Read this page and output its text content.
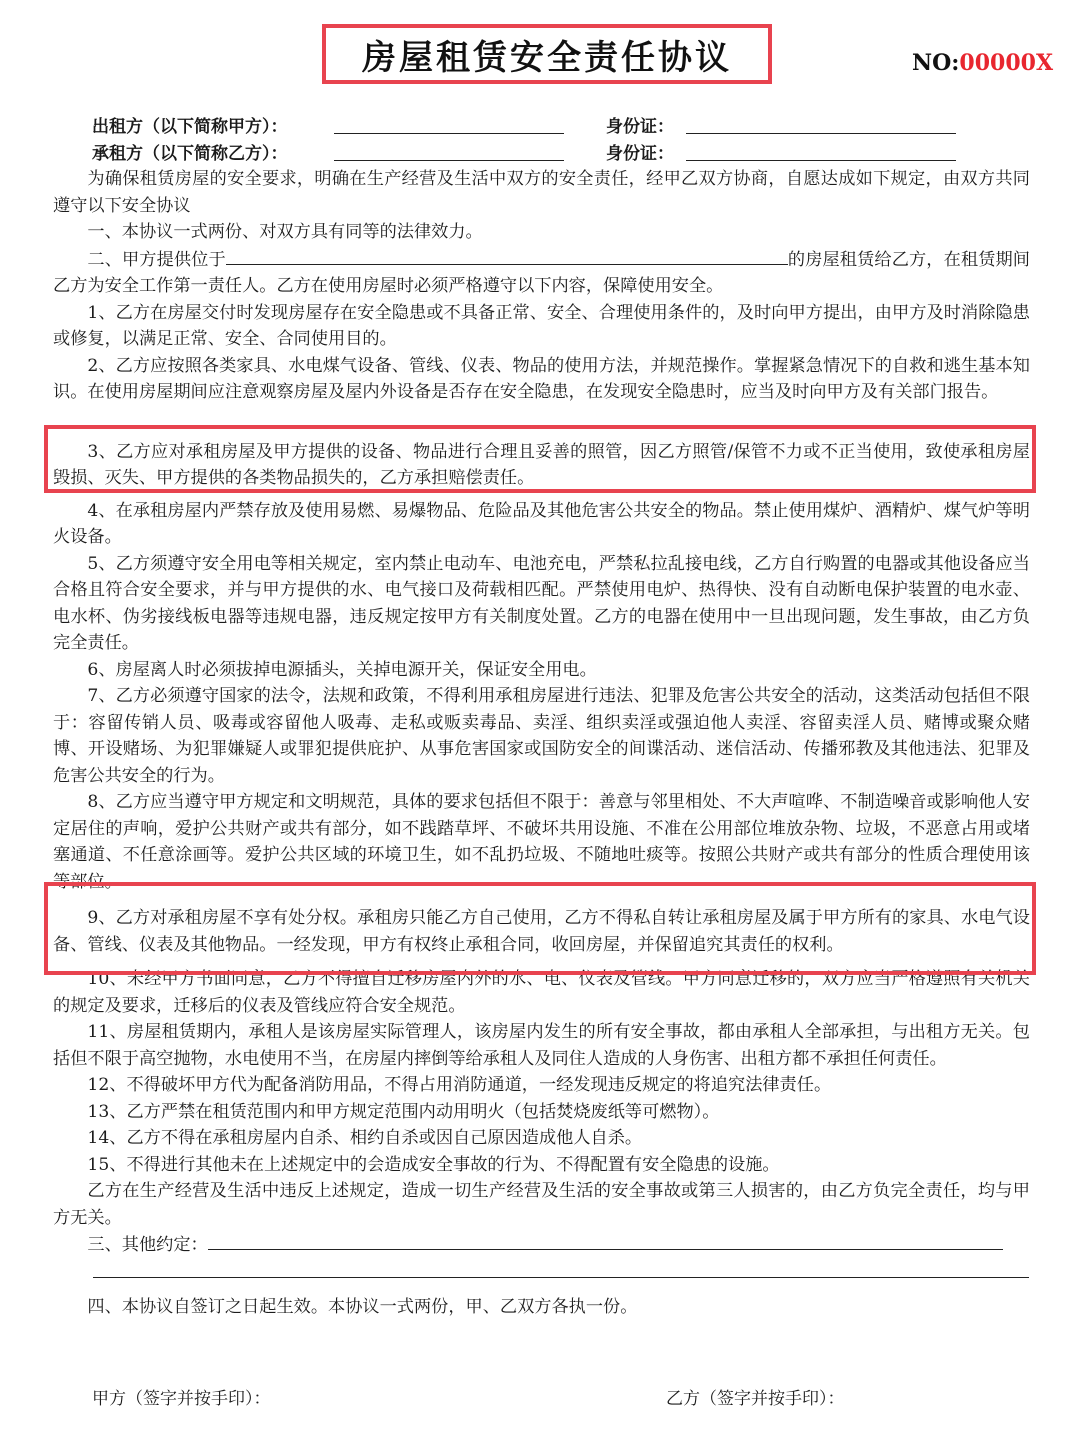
房屋租赁安全责任协议	NO:00000X
出租方（以下简称甲方）：	身份证：
承租方（以下简称乙方）：	身份证：

为确保租赁房屋的安全要求，明确在生产经营及生活中双方的安全责任，经甲乙双方协商，自愿达成如下规定，由双方共同遵守以下安全协议

一、本协议一式两份、对双方具有同等的法律效力。

二、甲方提供位于	的房屋租赁给乙方，在租赁期间乙方为安全工作第一责任人。乙方在使用房屋时必须严格遵守以下内容，保障使用安全。

1、乙方在房屋交付时发现房屋存在安全隐患或不具备正常、安全、合理使用条件的，及时向甲方提出，由甲方及时消除隐患或修复，以满足正常、安全、合同使用目的。

2、乙方应按照各类家具、水电煤气设备、管线、仪表、物品的使用方法，并规范操作。掌握紧急情况下的自救和逃生基本知识。在使用房屋期间应注意观察房屋及屋内外设备是否存在安全隐患，在发现安全隐患时，应当及时向甲方及有关部门报告。

3、乙方应对承租房屋及甲方提供的设备、物品进行合理且妥善的照管，因乙方照管/保管不力或不正当使用，致使承租房屋毁损、灭失、甲方提供的各类物品损失的，乙方承担赔偿责任。

4、在承租房屋内严禁存放及使用易燃、易爆物品、危险品及其他危害公共安全的物品。禁止使用煤炉、酒精炉、煤气炉等明火设备。

5、乙方须遵守安全用电等相关规定，室内禁止电动车、电池充电，严禁私拉乱接电线，乙方自行购置的电器或其他设备应当合格且符合安全要求，并与甲方提供的水、电气接口及荷载相匹配。严禁使用电炉、热得快、没有自动断电保护装置的电水壶、电水杯、伪劣接线板电器等违规电器，违反规定按甲方有关制度处置。乙方的电器在使用中一旦出现问题，发生事故，由乙方负完全责任。

6、房屋离人时必须拔掉电源插头，关掉电源开关，保证安全用电。

7、乙方必须遵守国家的法令，法规和政策，不得利用承租房屋进行违法、犯罪及危害公共安全的活动，这类活动包括但不限于：容留传销人员、吸毒或容留他人吸毒、走私或贩卖毒品、卖淫、组织卖淫或强迫他人卖淫、容留卖淫人员、赌博或聚众赌博、开设赌场、为犯罪嫌疑人或罪犯提供庇护、从事危害国家或国防安全的间谍活动、迷信活动、传播邪教及其他违法、犯罪及危害公共安全的行为。

8、乙方应当遵守甲方规定和文明规范，具体的要求包括但不限于：善意与邻里相处、不大声喧哗、不制造噪音或影响他人安定居住的声响，爱护公共财产或共有部分，如不践踏草坪、不破坏共用设施、不准在公用部位堆放杂物、垃圾，不恶意占用或堵塞通道、不任意涂画等。爱护公共区域的环境卫生，如不乱扔垃圾、不随地吐痰等。按照公共财产或共有部分的性质合理使用该等部位。

9、乙方对承租房屋不享有处分权。承租房只能乙方自己使用，乙方不得私自转让承租房屋及属于甲方所有的家具、水电气设备、管线、仪表及其他物品。一经发现，甲方有权终止承租合同，收回房屋，并保留追究其责任的权利。

10、未经甲方书面同意，乙方不得擅自迁移房屋内外的水、电、仪表及管线。甲方同意迁移的，双方应当严格遵照有关机关的规定及要求，迁移后的仪表及管线应符合安全规范。

11、房屋租赁期内，承租人是该房屋实际管理人，该房屋内发生的所有安全事故，都由承租人全部承担，与出租方无关。包括但不限于高空抛物，水电使用不当，在房屋内摔倒等给承租人及同住人造成的人身伤害、出租方都不承担任何责任。

12、不得破坏甲方代为配备消防用品，不得占用消防通道，一经发现违反规定的将追究法律责任。

13、乙方严禁在租赁范围内和甲方规定范围内动用明火（包括焚烧废纸等可燃物）。

14、乙方不得在承租房屋内自杀、相约自杀或因自己原因造成他人自杀。

15、不得进行其他未在上述规定中的会造成安全事故的行为、不得配置有安全隐患的设施。

乙方在生产经营及生活中违反上述规定，造成一切生产经营及生活的安全事故或第三人损害的，由乙方负完全责任，均与甲方无关。

三、其他约定：

四、本协议自签订之日起生效。本协议一式两份，甲、乙双方各执一份。

甲方（签字并按手印）：	乙方（签字并按手印）：
